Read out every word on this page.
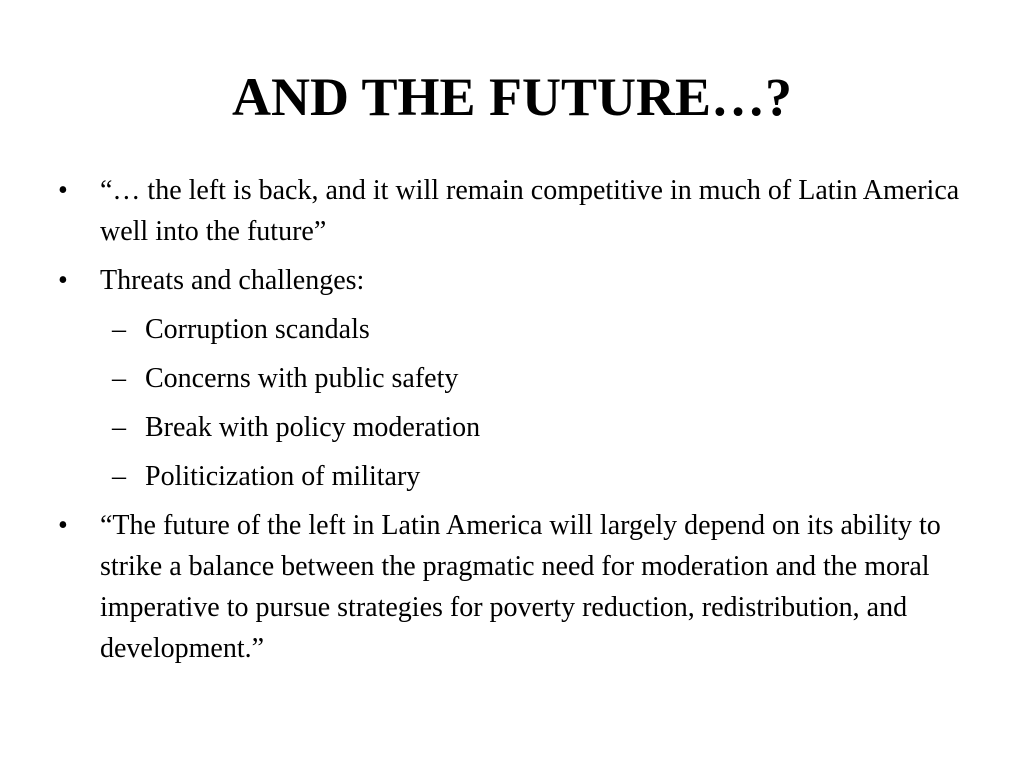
AND THE FUTURE…?
• “… the left is back, and it will remain competitive in much of Latin America well into the future”
• Threats and challenges:
– Corruption scandals
– Concerns with public safety
– Break with policy moderation
– Politicization of military
• “The future of the left in Latin America will largely depend on its ability to strike a balance between the pragmatic need for moderation and the moral imperative to pursue strategies for poverty reduction, redistribution, and development.”
